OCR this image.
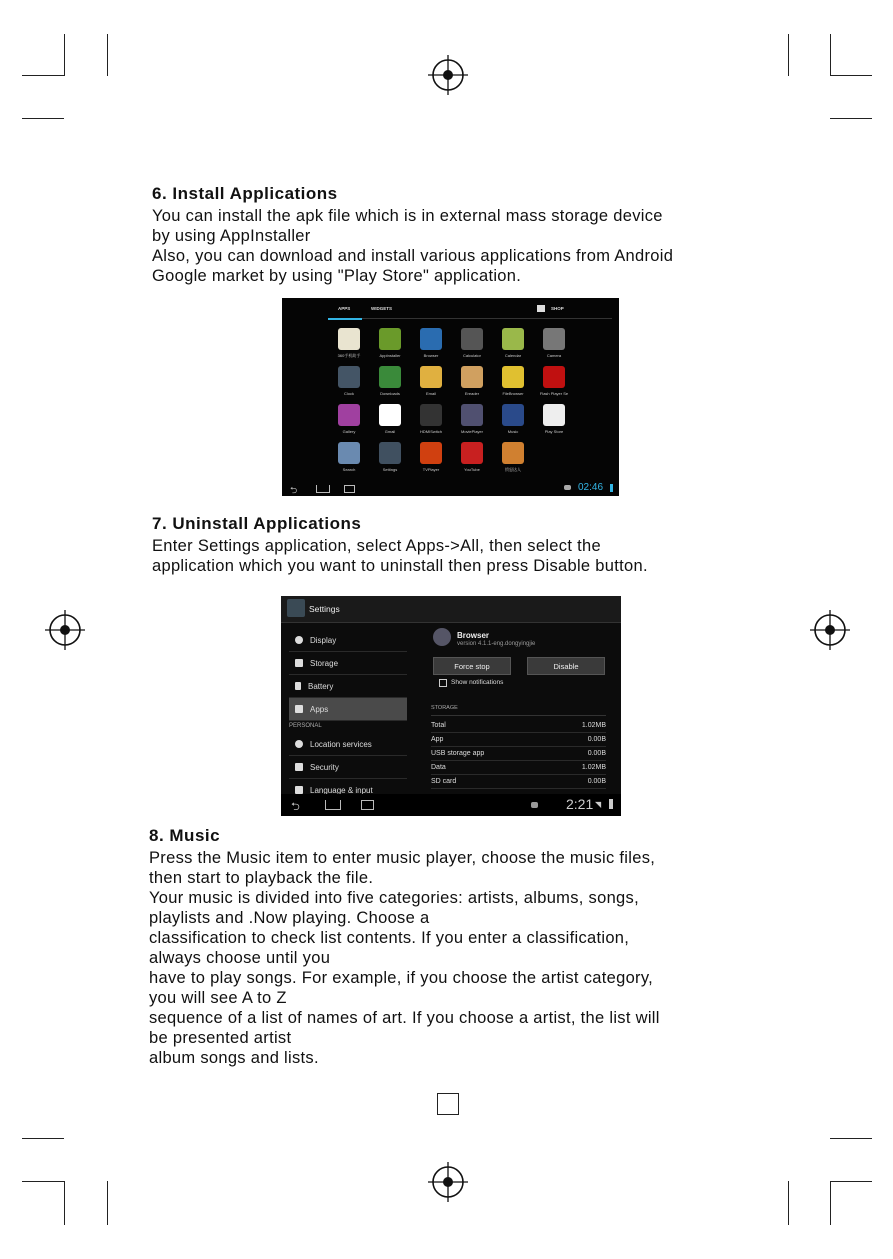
6. Install Applications
You can install the apk file which is in external mass storage device
by using AppInstaller
Also, you can download and install various applications from Android
Google market by using "Play Store" application.
APPS	WIDGETS	SHOP
360手机助手	AppInstaller	Browser	Calculator	Calendar	Camera
Clock	Downloads	Email	Ereader	FileBrowser	Flash Player Se
Gallery	Gmail	HDMISwitch	MoviePlayer	Music	Play Store
Search	Settings	TVPlayer	YouTube	愤怒达人
⮌	02:46
7. Uninstall Applications
Enter Settings application, select Apps->All, then select the
application which you want to uninstall then press Disable button.
Settings
Display
Storage
Battery
Apps
PERSONAL
Location services
Security
Language & input
Browser
version 4.1.1-eng.dongyingjie
Force stop	Disable
Show notifications
STORAGE
Total	1.02MB
App	0.00B
USB storage app	0.00B
Data	1.02MB
SD card	0.00B
⮌	2:21 ◥
8. Music
Press the Music item to enter music player, choose the music files,
then start to playback the file.
Your music is divided into five categories: artists, albums, songs,
playlists and .Now playing. Choose a
classification to check list contents. If you enter a classification,
always choose until you
have to play songs. For example, if you choose the artist category,
you will see A to Z
sequence of a list of names of art. If you choose a artist, the list will
be presented artist
album songs and lists.
